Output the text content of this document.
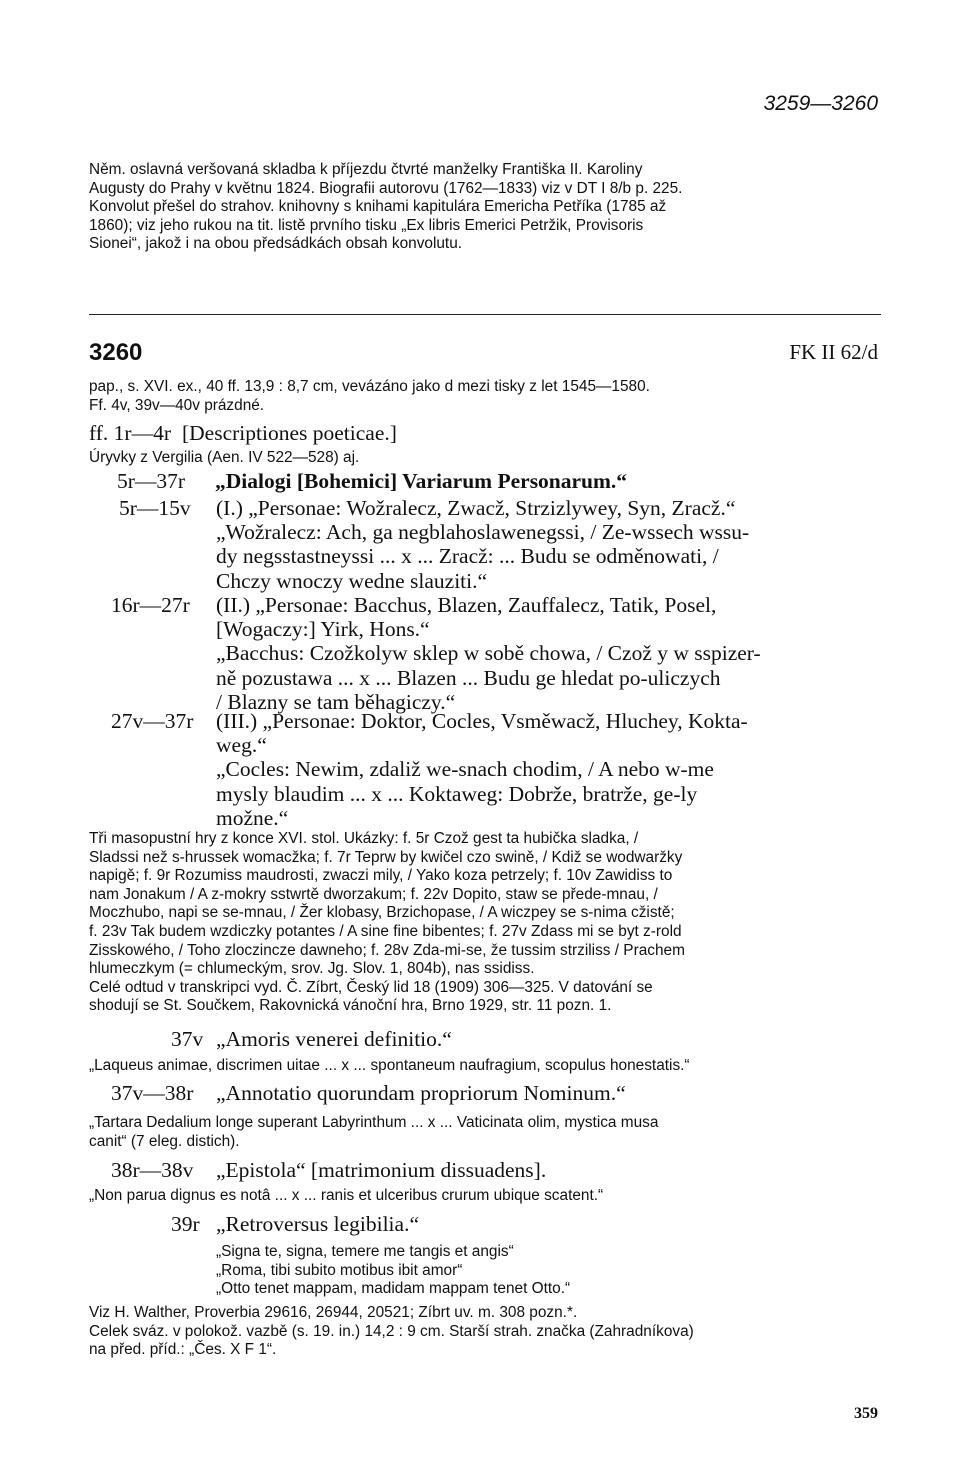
3259—3260

Něm. oslavná veršovaná skladba k příjezdu čtvrté manželky Františka II. Karoliny

Augusty do Prahy v květnu 1824. Biografii autorovu (1762—1833) viz v DT I 8/b p. 225.

Konvolut přešel do strahov. knihovny s knihami kapitulára Emericha Petříka (1785 až

1860); viz jeho rukou na tit. listě prvního tisku „Ex libris Emerici Petržik, Provisoris

Sionei“, jakož i na obou předsádkách obsah konvolutu.

3260	FK II 62/d

pap., s. XVI. ex., 40 ff. 13,9 : 8,7 cm, vevázáno jako d mezi tisky z let 1545—1580.

Ff. 4v, 39v—40v prázdné.

ff. 1r—4r [Descriptiones poeticae.]

Úryvky z Vergilia (Aen. IV 522—528) aj.

5r—37r „Dialogi [Bohemici] Variarum Personarum.“
5r—15v (I.) „Personae: Wožralecz, Zwacž, Strzizlywey, Syn, Zracž.“

„Wožralecz: Ach, ga negblahoslawenegssi, / Ze-wssech wssu-

dy negsstastneyssi ... x ... Zracž: ... Budu se odměnowati, /

Chczy wnoczy wedne slauziti.“

16r—27r (II.) „Personae: Bacchus, Blazen, Zauffalecz, Tatik, Posel,

[Wogaczy:] Yirk, Hons.“

„Bacchus: Czožkolyw sklep w sobě chowa, / Czož y w sspizer-

ně pozustawa ... x ... Blazen ... Budu ge hledat po-uliczych

/ Blazny se tam běhagiczy.“

27v—37r (III.) „Personae: Doktor, Cocles, Vsměwacž, Hluchey, Kokta-

weg.“

„Cocles: Newim, zdaliž we-snach chodim, / A nebo w-me

mysly blaudim ... x ... Koktaweg: Dobrže, bratrže, ge-ly

možne.“

Tři masopustní hry z konce XVI. stol. Ukázky: f. 5r Czož gest ta hubička sladka, /

Sladssi než s-hrussek womacžka; f. 7r Teprw by kwičel czo swině, / Kdiž se wodwaržky

napigě; f. 9r Rozumiss maudrosti, zwaczi mily, / Yako koza petrzely; f. 10v Zawidiss to

nam Jonakum / A z-mokry sstwrtě dworzakum; f. 22v Dopito, staw se přede-mnau, /

Moczhubo, napi se se-mnau, / Žer klobasy, Brzichopase, / A wiczpey se s-nima cžistě;

f. 23v Tak budem wzdiczky potantes / A sine fine bibentes; f. 27v Zdass mi se byt z-rold

Zisskowého, / Toho zloczincze dawneho; f. 28v Zda-mi-se, že tussim strziliss / Prachem

hlumeczkym (= chlumeckým, srov. Jg. Slov. 1, 804b), nas ssidiss.

Celé odtud v transkripci vyd. Č. Zíbrt, Český lid 18 (1909) 306—325. V datování se

shodují se St. Součkem, Rakovnická vánoční hra, Brno 1929, str. 11 pozn. 1.

37v „Amoris venerei definitio.“

„Laqueus animae, discrimen uitae ... x ... spontaneum naufragium, scopulus honestatis.“

37v—38r „Annotatio quorundam propriorum Nominum.“

„Tartara Dedalium longe superant Labyrinthum ... x ... Vaticinata olim, mystica musa

canit“ (7 eleg. distich).

38r—38v „Epistola“ [matrimonium dissuadens].

„Non parua dignus es notâ ... x ... ranis et ulceribus crurum ubique scatent.“

39r „Retroversus legibilia.“

„Signa te, signa, temere me tangis et angis“

„Roma, tibi subito motibus ibit amor“

„Otto tenet mappam, madidam mappam tenet Otto.“

Viz H. Walther, Proverbia 29616, 26944, 20521; Zíbrt uv. m. 308 pozn.*.

Celek sváz. v polokož. vazbě (s. 19. in.) 14,2 : 9 cm. Starší strah. značka (Zahradníkova)

na před. příd.: „Čes. X F 1“.

359
